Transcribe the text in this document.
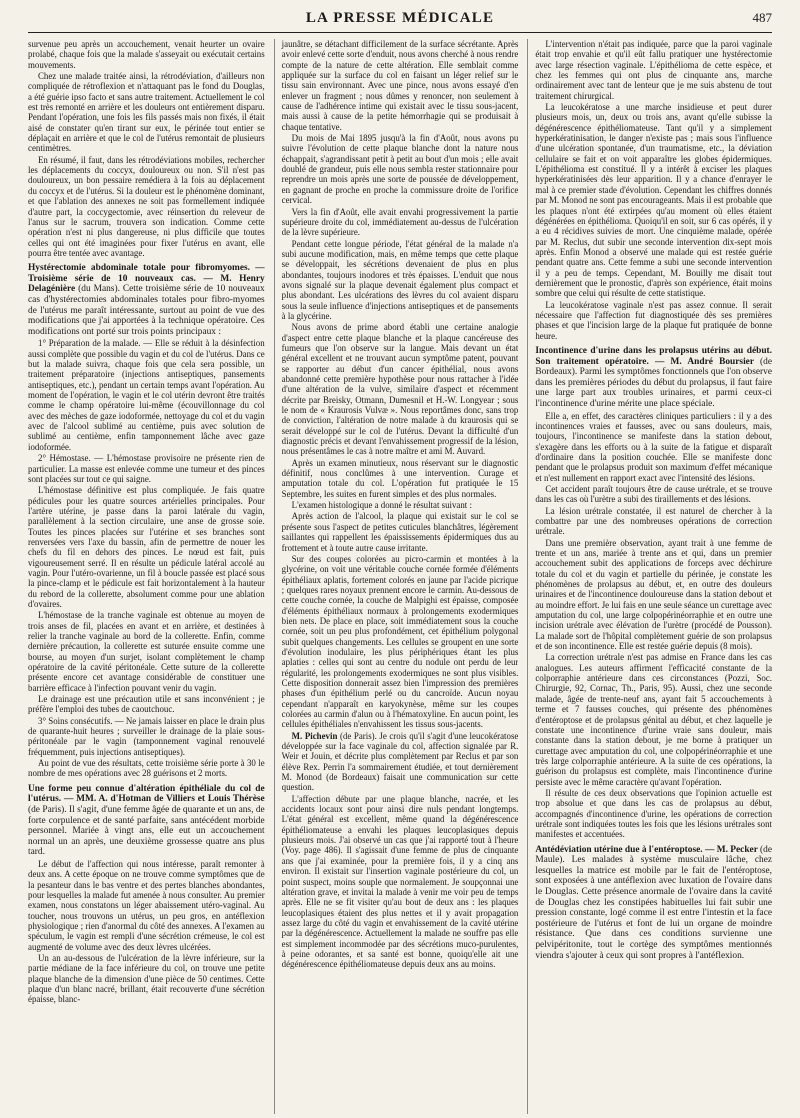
LA PRESSE MÉDICALE	487

survenue peu après un accouchement, venait heurter un ovaire prolabé, chaque fois que la malade s'asseyait ou exécutait certains mouvements.

Chez une malade traitée ainsi, la rétrodéviation, d'ailleurs non compliquée de rétroflexion et n'attaquant pas le fond du Douglas, a été guérie ipso facto et sans autre traitement. Actuellement le col est très remonté en arrière et les douleurs ont entièrement disparu. Pendant l'opération, une fois les fils passés mais non fixés, il était aisé de constater qu'en tirant sur eux, le périnée tout entier se déplaçait en arrière et que le col de l'utérus remontait de plusieurs centimètres.

En résumé, il faut, dans les rétrodéviations mobiles, rechercher les déplacements du coccyx, douloureux ou non. S'il n'est pas douloureux, un bon pessaire remédiera à la fois au déplacement du coccyx et de l'utérus. Si la douleur est le phénomène dominant, et que l'ablation des annexes ne soit pas formellement indiquée d'autre part, la coccygectomie, avec réinsertion du releveur de l'anus sur le sacrum, trouvera son indication. Comme cette opération n'est ni plus dangereuse, ni plus difficile que toutes celles qui ont été imaginées pour fixer l'utérus en avant, elle pourra être tentée avec avantage.

Hystérectomie abdominale totale pour fibromyomes. — Troisième série de 10 nouveaux cas. — M. Henry Delagénière (du Mans). Cette troisième série de 10 nouveaux cas d'hystérectomies abdominales totales pour fibro-myomes de l'utérus me paraît intéressante, surtout au point de vue des modifications que j'ai apportées à la technique opératoire. Ces modifications ont porté sur trois points principaux :

1° Préparation de la malade. — Elle se réduit à la désinfection aussi complète que possible du vagin et du col de l'utérus. Dans ce but la malade suivra, chaque fois que cela sera possible, un traitement préparatoire (injections antiseptiques, pansements antiseptiques, etc.), pendant un certain temps avant l'opération. Au moment de l'opération, le vagin et le col utérin devront être traités comme le champ opératoire lui-même (écouvillonnage du col avec des mèches de gaze iodoformée, nettoyage du col et du vagin avec de l'alcool sublimé au centième, puis avec solution de sublimé au centième, enfin tamponnement lâche avec gaze iodoformée.

2° Hémostase. — L'hémostase provisoire ne présente rien de particulier. La masse est enlevée comme une tumeur et des pinces sont placées sur tout ce qui saigne.

L'hémostase définitive est plus compliquée. Je fais quatre pédicules pour les quatre sources artérielles principales. Pour l'artère utérine, je passe dans la paroi latérale du vagin, parallèlement à la section circulaire, une anse de grosse soie. Toutes les pinces placées sur l'utérine et ses branches sont renversées vers l'axe du bassin, afin de permettre de nouer les chefs du fil en dehors des pinces. Le nœud est fait, puis vigoureusement serré. Il en résulte un pédicule latéral accolé au vagin. Pour l'utéro-ovarienne, un fil à boucle passée est placé sous la pince-clamp et le pédicule est fait horizontalement à la hauteur du rebord de la collerette, absolument comme pour une ablation d'ovaires.

L'hémostase de la tranche vaginale est obtenue au moyen de trois anses de fil, placées en avant et en arrière, et destinées à relier la tranche vaginale au bord de la collerette. Enfin, comme dernière précaution, la collerette est suturée ensuite comme une bourse, au moyen d'un surjet, isolant complètement le champ opératoire de la cavité péritonéale. Cette suture de la collerette présente encore cet avantage considérable de constituer une barrière efficace à l'infection pouvant venir du vagin.

Le drainage est une précaution utile et sans inconvénient ; je préfère l'emploi des tubes de caoutchouc.

3° Soins consécutifs. — Ne jamais laisser en place le drain plus de quarante-huit heures ; surveiller le drainage de la plaie sous-péritonéale par le vagin (tamponnement vaginal renouvelé fréquemment, puis injections antiseptiques).

Au point de vue des résultats, cette troisième série porte à 30 le nombre de mes opérations avec 28 guérisons et 2 morts.

Une forme peu connue d'altération épithéliale du col de l'utérus. — MM. A. d'Hotman de Villiers et Louis Thérèse (de Paris). Il s'agit, d'une femme âgée de quarante et un ans, de forte corpulence et de santé parfaite, sans antécédent morbide personnel. Mariée à vingt ans, elle eut un accouchement normal un an après, une deuxième grossesse quatre ans plus tard.

Le début de l'affection qui nous intéresse, paraît remonter à deux ans. A cette époque on ne trouve comme symptômes que de la pesanteur dans le bas ventre et des pertes blanches abondantes, pour lesquelles la malade fut amenée à nous consulter. Au premier examen, nous constatons un léger abaissement utéro-vaginal. Au toucher, nous trouvons un utérus, un peu gros, en antéflexion physiologique ; rien d'anormal du côté des annexes. A l'examen au spéculum, le vagin est rempli d'une sécrétion crémeuse, le col est augmenté de volume avec des deux lèvres ulcérées.

Un an au-dessous de l'ulcération de la lèvre inférieure, sur la partie médiane de la face inférieure du col, on trouve une petite plaque blanche de la dimension d'une pièce de 50 centimes. Cette plaque d'un blanc nacré, brillant, était recouverte d'une sécrétion épaisse, blanc-

jaunâtre, se détachant difficilement de la surface sécrétante. Après avoir enlevé cette sorte d'enduit, nous avons cherché à nous rendre compte de la nature de cette altération. Elle semblait comme appliquée sur la surface du col en faisant un léger relief sur le tissu sain environnant. Avec une pince, nous avons essayé d'en enlever un fragment ; nous dûmes y renoncer, non seulement à cause de l'adhérence intime qui existait avec le tissu sous-jacent, mais aussi à cause de la petite hémorrhagie qui se produisait à chaque tentative.

Du mois de Mai 1895 jusqu'à la fin d'Août, nous avons pu suivre l'évolution de cette plaque blanche dont la nature nous échappait, s'agrandissant petit à petit au bout d'un mois ; elle avait doublé de grandeur, puis elle nous sembla rester stationnaire pour reprendre un mois après une sorte de poussée de développement, en gagnant de proche en proche la commissure droite de l'orifice cervical.

Vers la fin d'Août, elle avait envahi progressivement la partie supérieure droite du col, immédiatement au-dessus de l'ulcération de la lèvre supérieure.

Pendant cette longue période, l'état général de la malade n'a subi aucune modification, mais, en même temps que cette plaque se développait, les sécrétions devenaient de plus en plus abondantes, toujours inodores et très épaisses. L'enduit que nous avons signalé sur la plaque devenait également plus compact et plus abondant. Les ulcérations des lèvres du col avaient disparu sous la seule influence d'injections antiseptiques et de pansements à la glycérine.

Nous avons de prime abord établi une certaine analogie d'aspect entre cette plaque blanche et la plaque cancéreuse des fumeurs que l'on observe sur la langue. Mais devant un état général excellent et ne trouvant aucun symptôme patent, pouvant se rapporter au début d'un cancer épithélial, nous avons abandonné cette première hypothèse pour nous rattacher à l'idée d'une altération de la vulve, similaire d'aspect et récemment décrite par Breisky, Otmann, Dumesnil et H.-W. Longyear ; sous le nom de « Kraurosis Vulvæ ». Nous reportâmes donc, sans trop de conviction, l'altération de notre malade à du kraurosis qui se serait développé sur le col de l'utérus. Devant la difficulté d'un diagnostic précis et devant l'envahissement progressif de la lésion, nous présentâmes le cas à notre maître et ami M. Auvard.

Après un examen minutieux, nous réservant sur le diagnostic définitif, nous conclûmes à une intervention. Curage et amputation totale du col. L'opération fut pratiquée le 15 Septembre, les suites en furent simples et des plus normales.

L'examen histologique a donné le résultat suivant :

Après action de l'alcool, la plaque qui existait sur le col se présente sous l'aspect de petites cuticules blanchâtres, légèrement saillantes qui rappellent les épaississements épidermiques dus au frottement et à toute autre cause irritante.

Sur des coupes colorées au picro-carmin et montées à la glycérine, on voit une véritable couche cornée formée d'éléments épithéliaux aplatis, fortement colorés en jaune par l'acide picrique ; quelques rares noyaux prennent encore le carmin. Au-dessous de cette couche cornée, la couche de Malpighi est épaisse, composée d'éléments épithéliaux normaux à prolongements exodermiques bien nets. De place en place, soit immédiatement sous la couche cornée, soit un peu plus profondément, cet épithélium polygonal subit quelques changements. Les cellules se groupent en une sorte d'évolution inodulaire, les plus périphériques étant les plus aplaties : celles qui sont au centre du nodule ont perdu de leur régularité, les prolongements exodermiques ne sont plus visibles. Cette disposition donnerait assez bien l'impression des premières phases d'un épithélium perlé ou du cancroïde. Aucun noyau cependant n'apparaît en karyokynèse, même sur les coupes colorées au carmin d'alun ou à l'hématoxyline. En aucun point, les cellules épithéliales n'envahissent les tissus sous-jacents.

M. Pichevin (de Paris). Je crois qu'il s'agit d'une leucokératose développée sur la face vaginale du col, affection signalée par R. Weir et Jouin, et décrite plus complètement par Reclus et par son élève Rex. Perrin l'a sommairement étudiée, et tout dernièrement M. Monod (de Bordeaux) faisait une communication sur cette question.

L'affection débute par une plaque blanche, nacrée, et les accidents locaux sont pour ainsi dire nuls pendant longtemps. L'état général est excellent, même quand la dégénérescence épithéliomateuse a envahi les plaques leucoplasiques depuis plusieurs mois. J'ai observé un cas que j'ai rapporté tout à l'heure (Voy. page 486). Il s'agissait d'une femme de plus de cinquante ans que j'ai examinée, pour la première fois, il y a cinq ans environ. Il existait sur l'insertion vaginale postérieure du col, un point suspect, moins souple que normalement. Je soupçonnai une altération grave, et invitai la malade à venir me voir peu de temps après. Elle ne se fit visiter qu'au bout de deux ans : les plaques leucoplasiques étaient des plus nettes et il y avait propagation assez large du côté du vagin et envahissement de la cavité utérine par la dégénérescence. Actuellement la malade ne souffre pas elle est simplement incommodée par des sécrétions muco-purulentes, à peine odorantes, et sa santé est bonne, quoiqu'elle ait une dégénérescence épithéliomateuse depuis deux ans au moins.

L'intervention n'était pas indiquée, parce que la paroi vaginale était trop envahie et qu'il eût fallu pratiquer une hystérectomie avec large résection vaginale. L'épithélioma de cette espèce, et chez les femmes qui ont plus de cinquante ans, marche ordinairement avec tant de lenteur que je me suis abstenu de tout traitement chirurgical.

La leucokératose a une marche insidieuse et peut durer plusieurs mois, un, deux ou trois ans, avant qu'elle subisse la dégénérescence épithéliomateuse. Tant qu'il y a simplement hyperkératinisation, le danger n'existe pas ; mais sous l'influence d'une ulcération spontanée, d'un traumatisme, etc., la déviation cellulaire se fait et on voit apparaître les globes épidermiques. L'épithélioma est constitué. Il y a intérêt à exciser les plaques hyperkératinisées dès leur apparition. Il y a chance d'enrayer le mal à ce premier stade d'évolution. Cependant les chiffres donnés par M. Monod ne sont pas encourageants. Mais il est probable que les plaques n'ont été extirpées qu'au moment où elles étaient dégénérées en épithélioma. Quoiqu'il en soit, sur 6 cas opérés, il y a eu 4 récidives suivies de mort. Une cinquième malade, opérée par M. Reclus, dut subir une seconde intervention dix-sept mois après. Enfin Monod a observé une malade qui est restée guérie pendant quatre ans. Cette femme a subi une seconde intervention il y a peu de temps. Cependant, M. Bouilly me disait tout dernièrement que le pronostic, d'après son expérience, était moins sombre que celui qui résulte de cette statistique.

La leucokératose vaginale n'est pas assez connue. Il serait nécessaire que l'affection fut diagnostiquée dès ses premières phases et que l'incision large de la plaque fut pratiquée de bonne heure.

Incontinence d'urine dans les prolapsus utérins au début. Son traitement opératoire. — M. André Boursier (de Bordeaux). Parmi les symptômes fonctionnels que l'on observe dans les premières périodes du début du prolapsus, il faut faire une large part aux troubles urinaires, et parmi ceux-ci l'incontinence d'urine mérite une place spéciale.

Elle a, en effet, des caractères cliniques particuliers : il y a des incontinences vraies et fausses, avec ou sans douleurs, mais, toujours, l'incontinence se manifeste dans la station debout, s'exagère dans les efforts ou à la suite de la fatigue et disparaît d'ordinaire dans la position couchée. Elle se manifeste donc pendant que le prolapsus produit son maximum d'effet mécanique et n'est nullement en rapport exact avec l'intensité des lésions.

Cet accident paraît toujours être de cause urétrale, et se trouve dans les cas où l'urètre a subi des tiraillements et des lésions.

La lésion urétrale constatée, il est naturel de chercher à la combattre par une des nombreuses opérations de correction urétrale.

Dans une première observation, ayant trait à une femme de trente et un ans, mariée à trente ans et qui, dans un premier accouchement subit des applications de forceps avec déchirure totale du col et du vagin et partielle du périnée, je constate les phénomènes de prolapsus au début, et, en outre des douleurs urinaires et de l'incontinence douloureuse dans la station debout et au moindre effort. Je lui fais en une seule séance un curettage avec amputation du col, une large colpopérinéorraphie et en outre une incision urétrale avec élévation de l'urètre (procédé de Pousson). La malade sort de l'hôpital complètement guérie de son prolapsus et de son incontinence. Elle est restée guérie depuis (8 mois).

La correction urétrale n'est pas admise en France dans les cas analogues. Les auteurs affirment l'efficacité constante de la colporraphie antérieure dans ces circonstances (Pozzi, Soc. Chirurgie, 92, Cornac, Th., Paris, 95). Aussi, chez une seconde malade, âgée de trente-neuf ans, ayant fait 5 accouchements à terme et 7 fausses couches, qui présente des phénomènes d'entéroptose et de prolapsus génital au début, et chez laquelle je constate une incontinence d'urine vraie sans douleur, mais constante dans la station debout, je me borne à pratiquer un curettage avec amputation du col, une colpopérinéorraphie et une très large colporraphie antérieure. A la suite de ces opérations, la guérison du prolapsus est complète, mais l'incontinence d'urine persiste avec le même caractère qu'avant l'opération.

Il résulte de ces deux observations que l'opinion actuelle est trop absolue et que dans les cas de prolapsus au début, accompagnés d'incontinence d'urine, les opérations de correction urétrale sont indiquées toutes les fois que les lésions urétrales sont manifestes et accentuées.

Antédéviation utérine due à l'entéroptose. — M. Pecker (de Maule). Les malades à système musculaire lâche, chez lesquelles la matrice est mobile par le fait de l'entéroptose, sont exposées à une antéflexion avec luxation de l'ovaire dans le Douglas. Cette présence anormale de l'ovaire dans la cavité de Douglas chez les constipées habituelles lui fait subir une pression constante, logé comme il est entre l'intestin et la face postérieure de l'utérus et font de lui un organe de moindre résistance. Que dans ces conditions survienne une pelvipéritonite, tout le cortège des symptômes mentionnés viendra s'ajouter à ceux qui sont propres à l'antéflexion.
